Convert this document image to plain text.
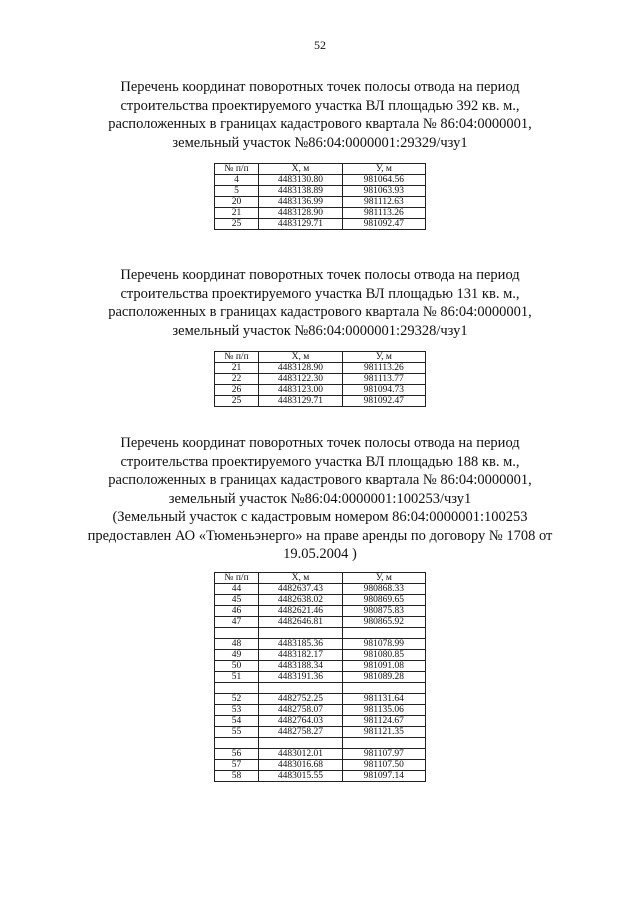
52
Перечень координат поворотных точек полосы отвода на период
строительства проектируемого участка ВЛ площадью 392 кв. м.,
расположенных в границах кадастрового квартала № 86:04:0000001,
земельный участок №86:04:0000001:29329/чзу1
№ п/п	X, м	У, м
4	4483130.80	981064.56
5	4483138.89	981063.93
20	4483136.99	981112.63
21	4483128.90	981113.26
25	4483129.71	981092.47
Перечень координат поворотных точек полосы отвода на период
строительства проектируемого участка ВЛ площадью 131 кв. м.,
расположенных в границах кадастрового квартала № 86:04:0000001,
земельный участок №86:04:0000001:29328/чзу1
№ п/п	X, м	У, м
21	4483128.90	981113.26
22	4483122.30	981113.77
26	4483123.00	981094.73
25	4483129.71	981092.47
Перечень координат поворотных точек полосы отвода на период
строительства проектируемого участка ВЛ площадью 188 кв. м.,
расположенных в границах кадастрового квартала № 86:04:0000001,
земельный участок №86:04:0000001:100253/чзу1
(Земельный участок с кадастровым номером 86:04:0000001:100253
предоставлен АО «Тюменьэнерго» на праве аренды по договору № 1708 от
19.05.2004 )
№ п/п	X, м	У, м
44	4482637.43	980868.33
45	4482638.02	980869.65
46	4482621.46	980875.83
47	4482646.81	980865.92

48	4483185.36	981078.99
49	4483182.17	981080.85
50	4483188.34	981091.08
51	4483191.36	981089.28

52	4482752.25	981131.64
53	4482758.07	981135.06
54	4482764.03	981124.67
55	4482758.27	981121.35

56	4483012.01	981107.97
57	4483016.68	981107.50
58	4483015.55	981097.14
